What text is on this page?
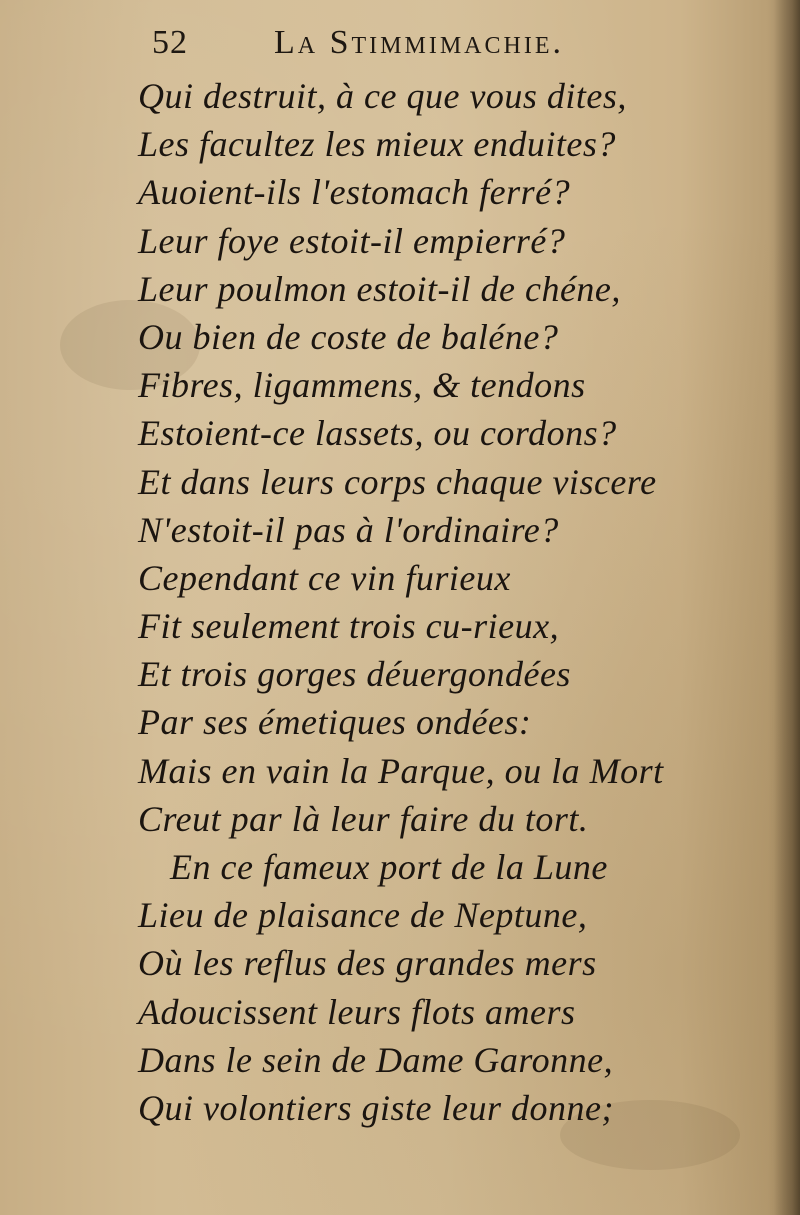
52	La Stimmimachie.
Qui destruit, à ce que vous dites,
Les facultez les mieux enduites?
Auoient-ils l'estomach ferré?
Leur foye estoit-il empierré?
Leur poulmon estoit-il de chéne,
Ou bien de coste de baléne?
Fibres, ligammens, & tendons
Estoient-ce lassets, ou cordons?
Et dans leurs corps chaque viscere
N'estoit-il pas à l'ordinaire?
Cependant ce vin furieux
Fit seulement trois cu-rieux,
Et trois gorges déuergondées
Par ses émetiques ondées:
Mais en vain la Parque, ou la Mort
Creut par là leur faire du tort.
En ce fameux port de la Lune
Lieu de plaisance de Neptune,
Où les reflus des grandes mers
Adoucissent leurs flots amers
Dans le sein de Dame Garonne,
Qui volontiers giste leur donne;
